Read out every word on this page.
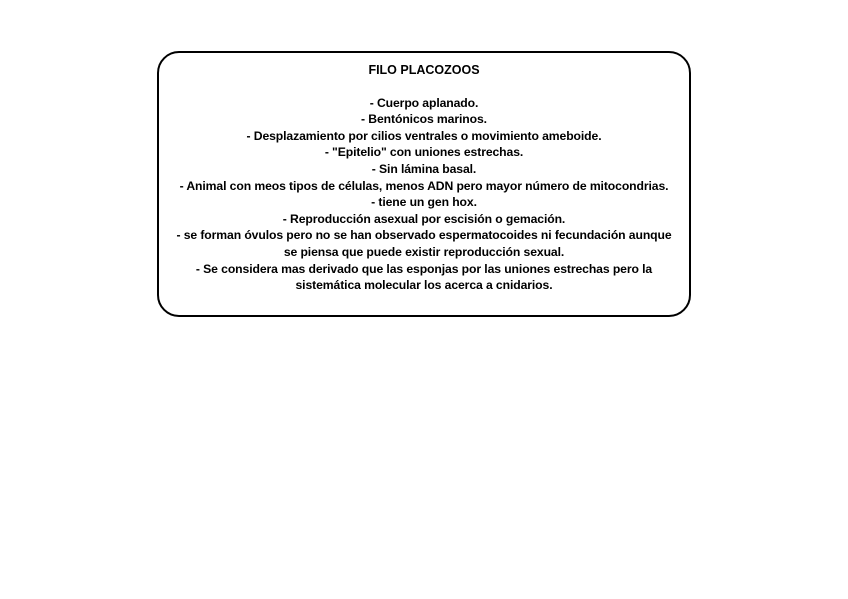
FILO PLACOZOOS
- Cuerpo aplanado.
- Bentónicos marinos.
- Desplazamiento por cilios ventrales o movimiento ameboide.
- "Epitelio" con uniones estrechas.
- Sin lámina basal.
- Animal con meos tipos de células, menos ADN pero mayor número de mitocondrias.
- tiene un gen hox.
- Reproducción asexual por escisión o gemación.
- se forman óvulos pero no se han observado espermatocoides ni fecundación aunque se piensa que puede existir reproducción sexual.
- Se considera mas derivado que las esponjas por las uniones estrechas pero la sistemática molecular los acerca a cnidarios.
